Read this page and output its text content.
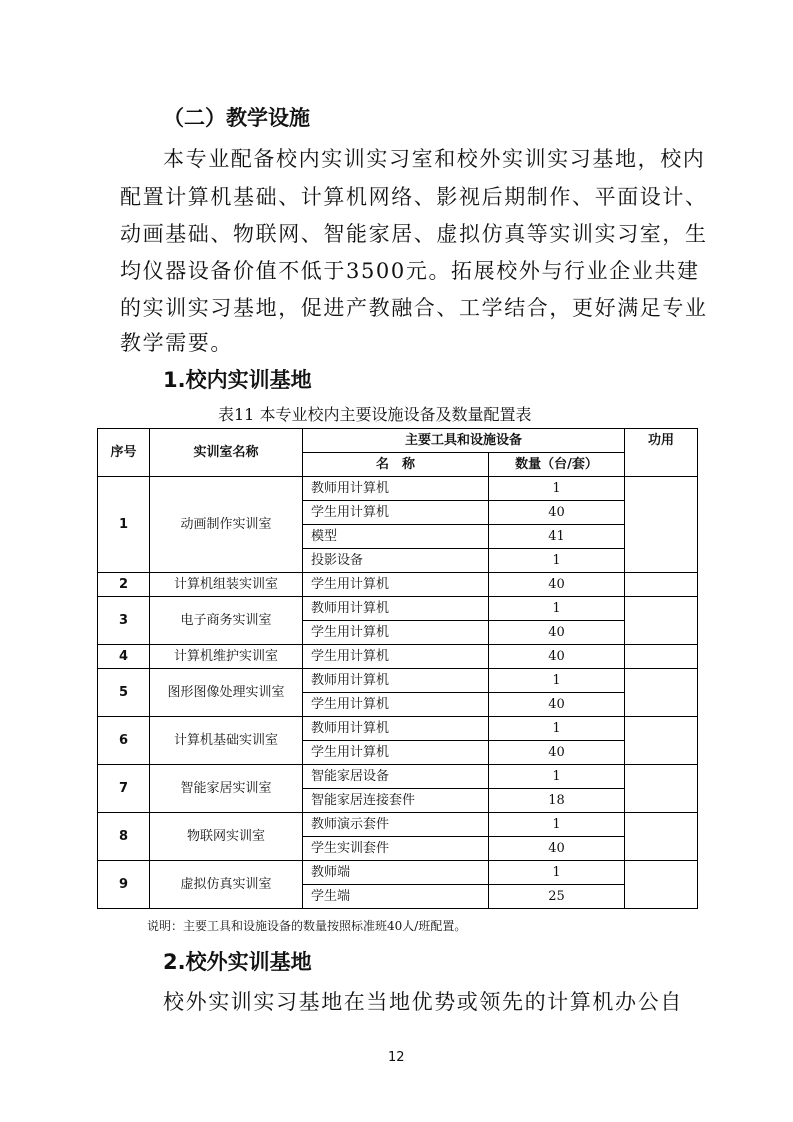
（二）教学设施
本专业配备校内实训实习室和校外实训实习基地，校内
配置计算机基础、计算机网络、影视后期制作、平面设计、
动画基础、物联网、智能家居、虚拟仿真等实训实习室，生
均仪器设备价值不低于3500元。拓展校外与行业企业共建
的实训实习基地，促进产教融合、工学结合，更好满足专业
教学需要。
1.校内实训基地
表11 本专业校内主要设施设备及数量配置表
序号	实训室名称	主要工具和设施设备		功用
		名　称	数量（台/套）	
1	动画制作实训室	教师用计算机	1	
		学生用计算机	40	
		模型	41	
		投影设备	1	
2	计算机组装实训室	学生用计算机	40	
3	电子商务实训室	教师用计算机	1	
		学生用计算机	40	
4	计算机维护实训室	学生用计算机	40	
5	图形图像处理实训室	教师用计算机	1	
		学生用计算机	40	
6	计算机基础实训室	教师用计算机	1	
		学生用计算机	40	
7	智能家居实训室	智能家居设备	1	
		智能家居连接套件	18	
8	物联网实训室	教师演示套件	1	
		学生实训套件	40	
9	虚拟仿真实训室	教师端	1	
		学生端	25	
说明：主要工具和设施设备的数量按照标准班40人/班配置。
2.校外实训基地
校外实训实习基地在当地优势或领先的计算机办公自
12
